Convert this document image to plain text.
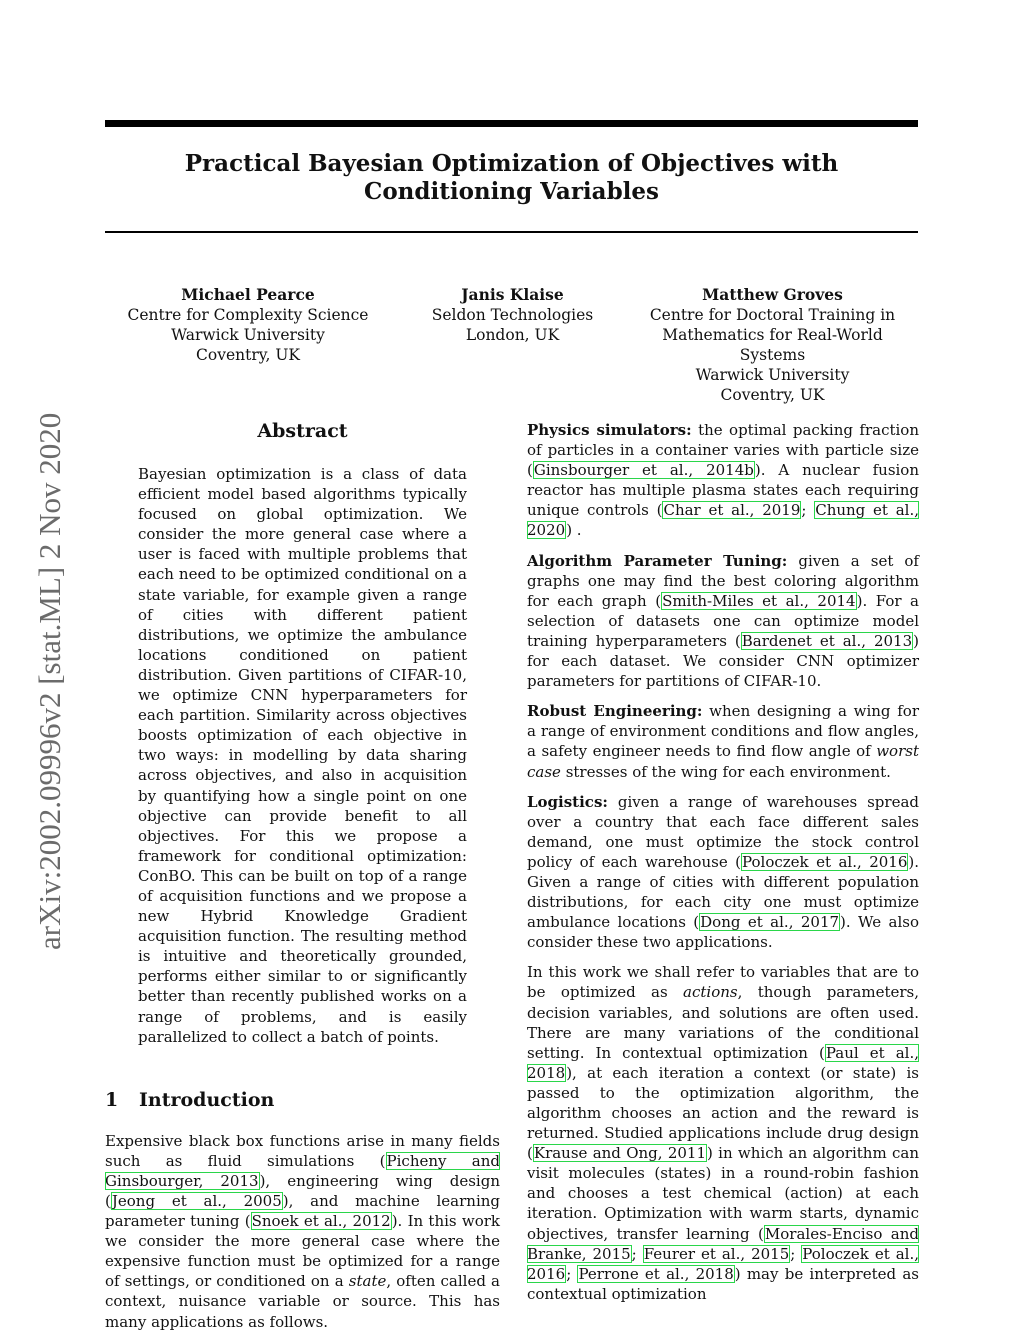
Practical Bayesian Optimization of Objectives with Conditioning Variables
Michael Pearce
Centre for Complexity Science
Warwick University
Coventry, UK
Janis Klaise
Seldon Technologies
London, UK
Matthew Groves
Centre for Doctoral Training in
Mathematics for Real-World Systems
Warwick University
Coventry, UK
arXiv:2002.09996v2 [stat.ML] 2 Nov 2020	Abstract
Bayesian optimization is a class of data efficient model based algorithms typically focused on global optimization. We consider the more general case where a user is faced with multiple problems that each need to be optimized conditional on a state variable, for example given a range of cities with different patient distributions, we optimize the ambulance locations conditioned on patient distribution. Given partitions of CIFAR-10, we optimize CNN hyperparameters for each partition. Similarity across objectives boosts optimization of each objective in two ways: in modelling by data sharing across objectives, and also in acquisition by quantifying how a single point on one objective can provide benefit to all objectives. For this we propose a framework for conditional optimization: ConBO. This can be built on top of a range of acquisition functions and we propose a new Hybrid Knowledge Gradient acquisition function. The resulting method is intuitive and theoretically grounded, performs either similar to or significantly better than recently published works on a range of problems, and is easily parallelized to collect a batch of points.
1 Introduction
Expensive black box functions arise in many fields such as fluid simulations (Picheny and Ginsbourger, 2013), engineering wing design (Jeong et al., 2005), and machine learning parameter tuning (Snoek et al., 2012). In this work we consider the more general case where the expensive function must be optimized for a range of settings, or conditioned on a state, often called a context, nuisance variable or source. This has many applications as follows.

Physics simulators: the optimal packing fraction of particles in a container varies with particle size (Ginsbourger et al., 2014b). A nuclear fusion reactor has multiple plasma states each requiring unique controls (Char et al., 2019; Chung et al., 2020) .

Algorithm Parameter Tuning: given a set of graphs one may find the best coloring algorithm for each graph (Smith-Miles et al., 2014). For a selection of datasets one can optimize model training hyperparameters (Bardenet et al., 2013) for each dataset. We consider CNN optimizer parameters for partitions of CIFAR-10.

Robust Engineering: when designing a wing for a range of environment conditions and flow angles, a safety engineer needs to find flow angle of worst case stresses of the wing for each environment.

Logistics: given a range of warehouses spread over a country that each face different sales demand, one must optimize the stock control policy of each warehouse (Poloczek et al., 2016). Given a range of cities with different population distributions, for each city one must optimize ambulance locations (Dong et al., 2017). We also consider these two applications.

In this work we shall refer to variables that are to be optimized as actions, though parameters, decision variables, and solutions are often used. There are many variations of the conditional setting. In contextual optimization (Paul et al., 2018), at each iteration a context (or state) is passed to the optimization algorithm, the algorithm chooses an action and the reward is returned. Studied applications include drug design (Krause and Ong, 2011) in which an algorithm can visit molecules (states) in a round-robin fashion and chooses a test chemical (action) at each iteration. Optimization with warm starts, dynamic objectives, transfer learning (Morales-Enciso and Branke, 2015; Feurer et al., 2015; Poloczek et al., 2016; Perrone et al., 2018) may be interpreted as contextual optimization
